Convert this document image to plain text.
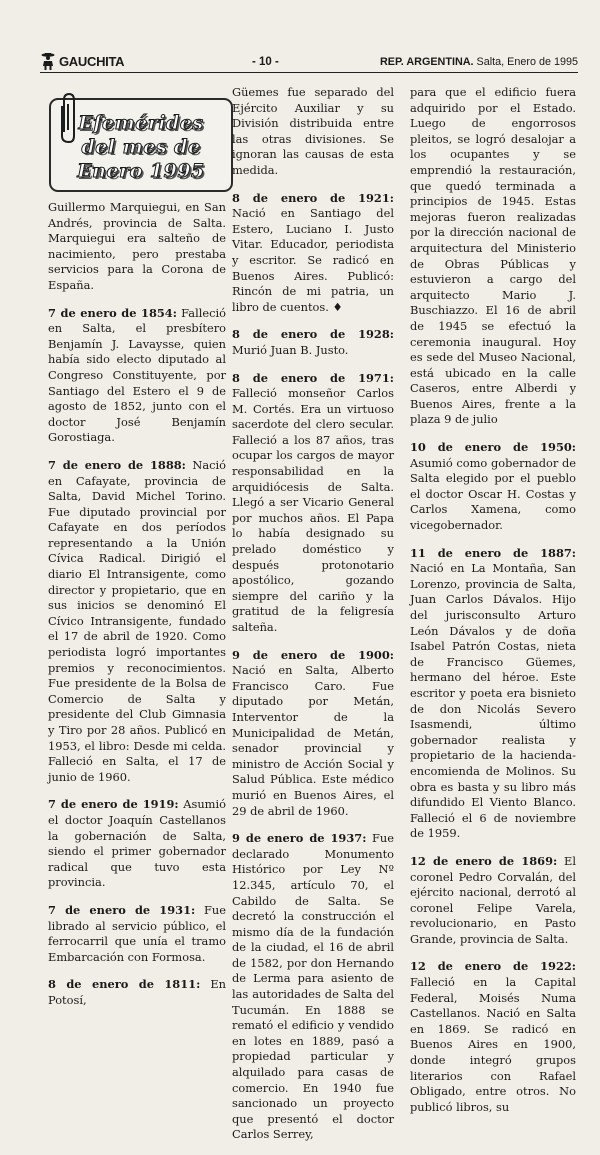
GAUCHITA	- 10 -	REP. ARGENTINA. Salta, Enero de 1995
Efemérides
del mes de
Enero 1995

Guillermo Marquiegui, en San Andrés, provincia de Salta. Marquiegui era salteño de nacimiento, pero prestaba servicios para la Corona de España.

7 de enero de 1854: Falleció en Salta, el presbítero Benjamín J. Lavaysse, quien había sido electo diputado al Congreso Constituyente, por Santiago del Estero el 9 de agosto de 1852, junto con el doctor José Benjamín Gorostiaga.

7 de enero de 1888: Nació en Cafayate, provincia de Salta, David Michel Torino. Fue diputado provincial por Cafayate en dos períodos representando a la Unión Cívica Radical. Dirigió el diario El Intransigente, como director y propietario, que en sus inicios se denominó El Cívico Intransigente, fundado el 17 de abril de 1920. Como periodista logró importantes premios y reconocimientos. Fue presidente de la Bolsa de Comercio de Salta y presidente del Club Gimnasia y Tiro por 28 años. Publicó en 1953, el libro: Desde mi celda. Falleció en Salta, el 17 de junio de 1960.

7 de enero de 1919: Asumió el doctor Joaquín Castellanos la gobernación de Salta, siendo el primer gobernador radical que tuvo esta provincia.

7 de enero de 1931: Fue librado al servicio público, el ferrocarril que unía el tramo Embarcación con Formosa.

8 de enero de 1811: En Potosí,

Güemes fue separado del Ejército Auxiliar y su División distribuida entre las otras divisiones. Se ignoran las causas de esta medida.

8 de enero de 1921: Nació en Santiago del Estero, Luciano I. Justo Vitar. Educador, periodista y escritor. Se radicó en Buenos Aires. Publicó: Rincón de mi patria, un libro de cuentos. ♦

8 de enero de 1928: Murió Juan B. Justo.

8 de enero de 1971: Falleció monseñor Carlos M. Cortés. Era un virtuoso sacerdote del clero secular. Falleció a los 87 años, tras ocupar los cargos de mayor responsabilidad en la arquidiócesis de Salta. Llegó a ser Vicario General por muchos años. El Papa lo había designado su prelado doméstico y después protonotario apostólico, gozando siempre del cariño y la gratitud de la feligresía salteña.

9 de enero de 1900: Nació en Salta, Alberto Francisco Caro. Fue diputado por Metán, Interventor de la Municipalidad de Metán, senador provincial y ministro de Acción Social y Salud Pública. Este médico murió en Buenos Aires, el 29 de abril de 1960.

9 de enero de 1937: Fue declarado Monumento Histórico por Ley Nº 12.345, artículo 70, el Cabildo de Salta. Se decretó la construcción el mismo día de la fundación de la ciudad, el 16 de abril de 1582, por don Hernando de Lerma para asiento de las autoridades de Salta del Tucumán. En 1888 se remató el edificio y vendido en lotes en 1889, pasó a propiedad particular y alquilado para casas de comercio. En 1940 fue sancionado un proyecto que presentó el doctor Carlos Serrey,

para que el edificio fuera adquirido por el Estado. Luego de engorrosos pleitos, se logró desalojar a los ocupantes y se emprendió la restauración, que quedó terminada a principios de 1945. Estas mejoras fueron realizadas por la dirección nacional de arquitectura del Ministerio de Obras Públicas y estuvieron a cargo del arquitecto Mario J. Buschiazzo. El 16 de abril de 1945 se efectuó la ceremonia inaugural. Hoy es sede del Museo Nacional, está ubicado en la calle Caseros, entre Alberdi y Buenos Aires, frente a la plaza 9 de julio

10 de enero de 1950: Asumió como gobernador de Salta elegido por el pueblo el doctor Oscar H. Costas y Carlos Xamena, como vicegobernador.

11 de enero de 1887: Nació en La Montaña, San Lorenzo, provincia de Salta, Juan Carlos Dávalos. Hijo del jurisconsulto Arturo León Dávalos y de doña Isabel Patrón Costas, nieta de Francisco Güemes, hermano del héroe. Este escritor y poeta era bisnieto de don Nicolás Severo Isasmendi, último gobernador realista y propietario de la hacienda-encomienda de Molinos. Su obra es basta y su libro más difundido El Viento Blanco. Falleció el 6 de noviembre de 1959.

12 de enero de 1869: El coronel Pedro Corvalán, del ejército nacional, derrotó al coronel Felipe Varela, revolucionario, en Pasto Grande, provincia de Salta.

12 de enero de 1922: Falleció en la Capital Federal, Moisés Numa Castellanos. Nació en Salta en 1869. Se radicó en Buenos Aires en 1900, donde integró grupos literarios con Rafael Obligado, entre otros. No publicó libros, su
